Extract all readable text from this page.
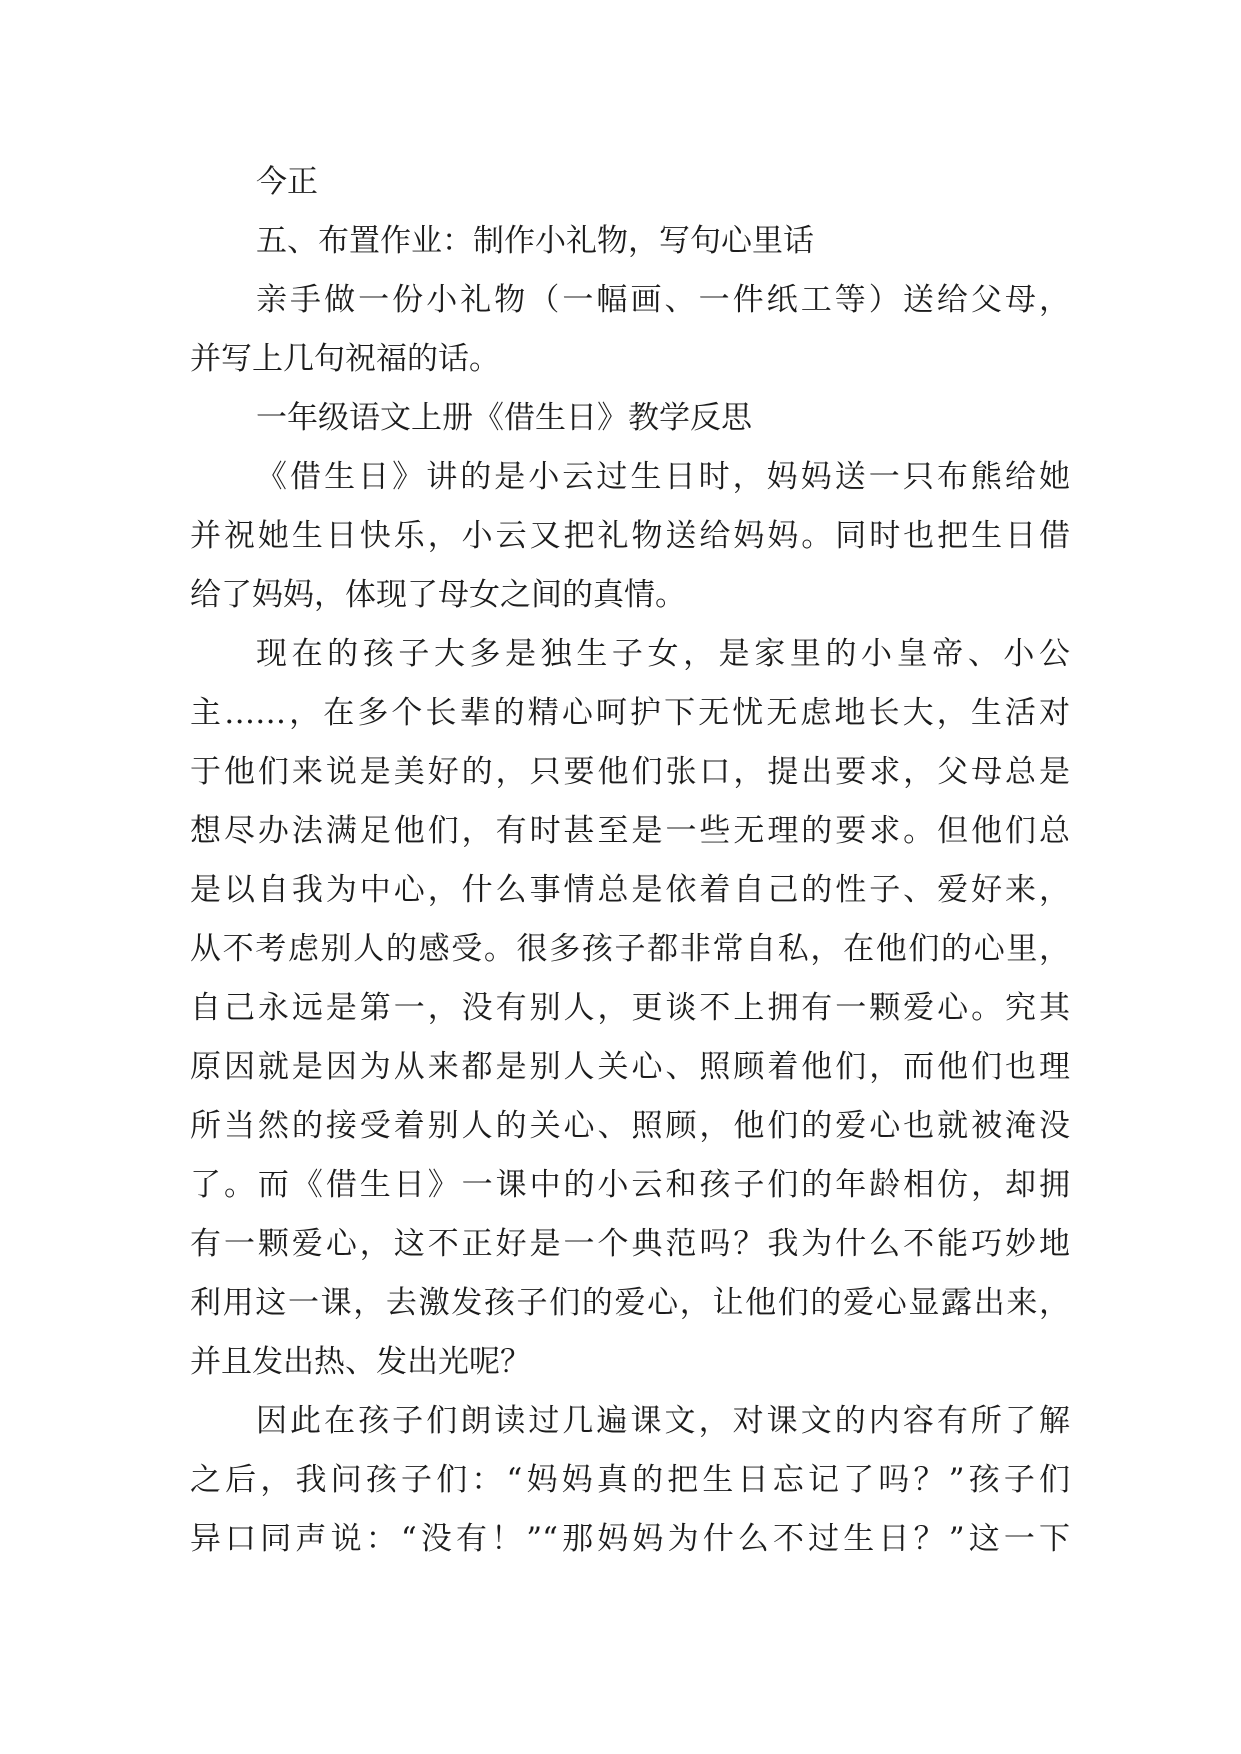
今正
五、布置作业：制作小礼物，写句心里话
亲手做一份小礼物（一幅画、一件纸工等）送给父母，
并写上几句祝福的话。
一年级语文上册《借生日》教学反思
《借生日》讲的是小云过生日时，妈妈送一只布熊给她
并祝她生日快乐，小云又把礼物送给妈妈。同时也把生日借
给了妈妈，体现了母女之间的真情。
现在的孩子大多是独生子女，是家里的小皇帝、小公
主……，在多个长辈的精心呵护下无忧无虑地长大，生活对
于他们来说是美好的，只要他们张口，提出要求，父母总是
想尽办法满足他们，有时甚至是一些无理的要求。但他们总
是以自我为中心，什么事情总是依着自己的性子、爱好来，
从不考虑别人的感受。很多孩子都非常自私，在他们的心里，
自己永远是第一，没有别人，更谈不上拥有一颗爱心。究其
原因就是因为从来都是别人关心、照顾着他们，而他们也理
所当然的接受着别人的关心、照顾，他们的爱心也就被淹没
了。而《借生日》一课中的小云和孩子们的年龄相仿，却拥
有一颗爱心，这不正好是一个典范吗？我为什么不能巧妙地
利用这一课，去激发孩子们的爱心，让他们的爱心显露出来，
并且发出热、发出光呢？
因此在孩子们朗读过几遍课文，对课文的内容有所了解
之后，我问孩子们：“妈妈真的把生日忘记了吗？”孩子们
异口同声说：“没有！”“那妈妈为什么不过生日？”这一下
